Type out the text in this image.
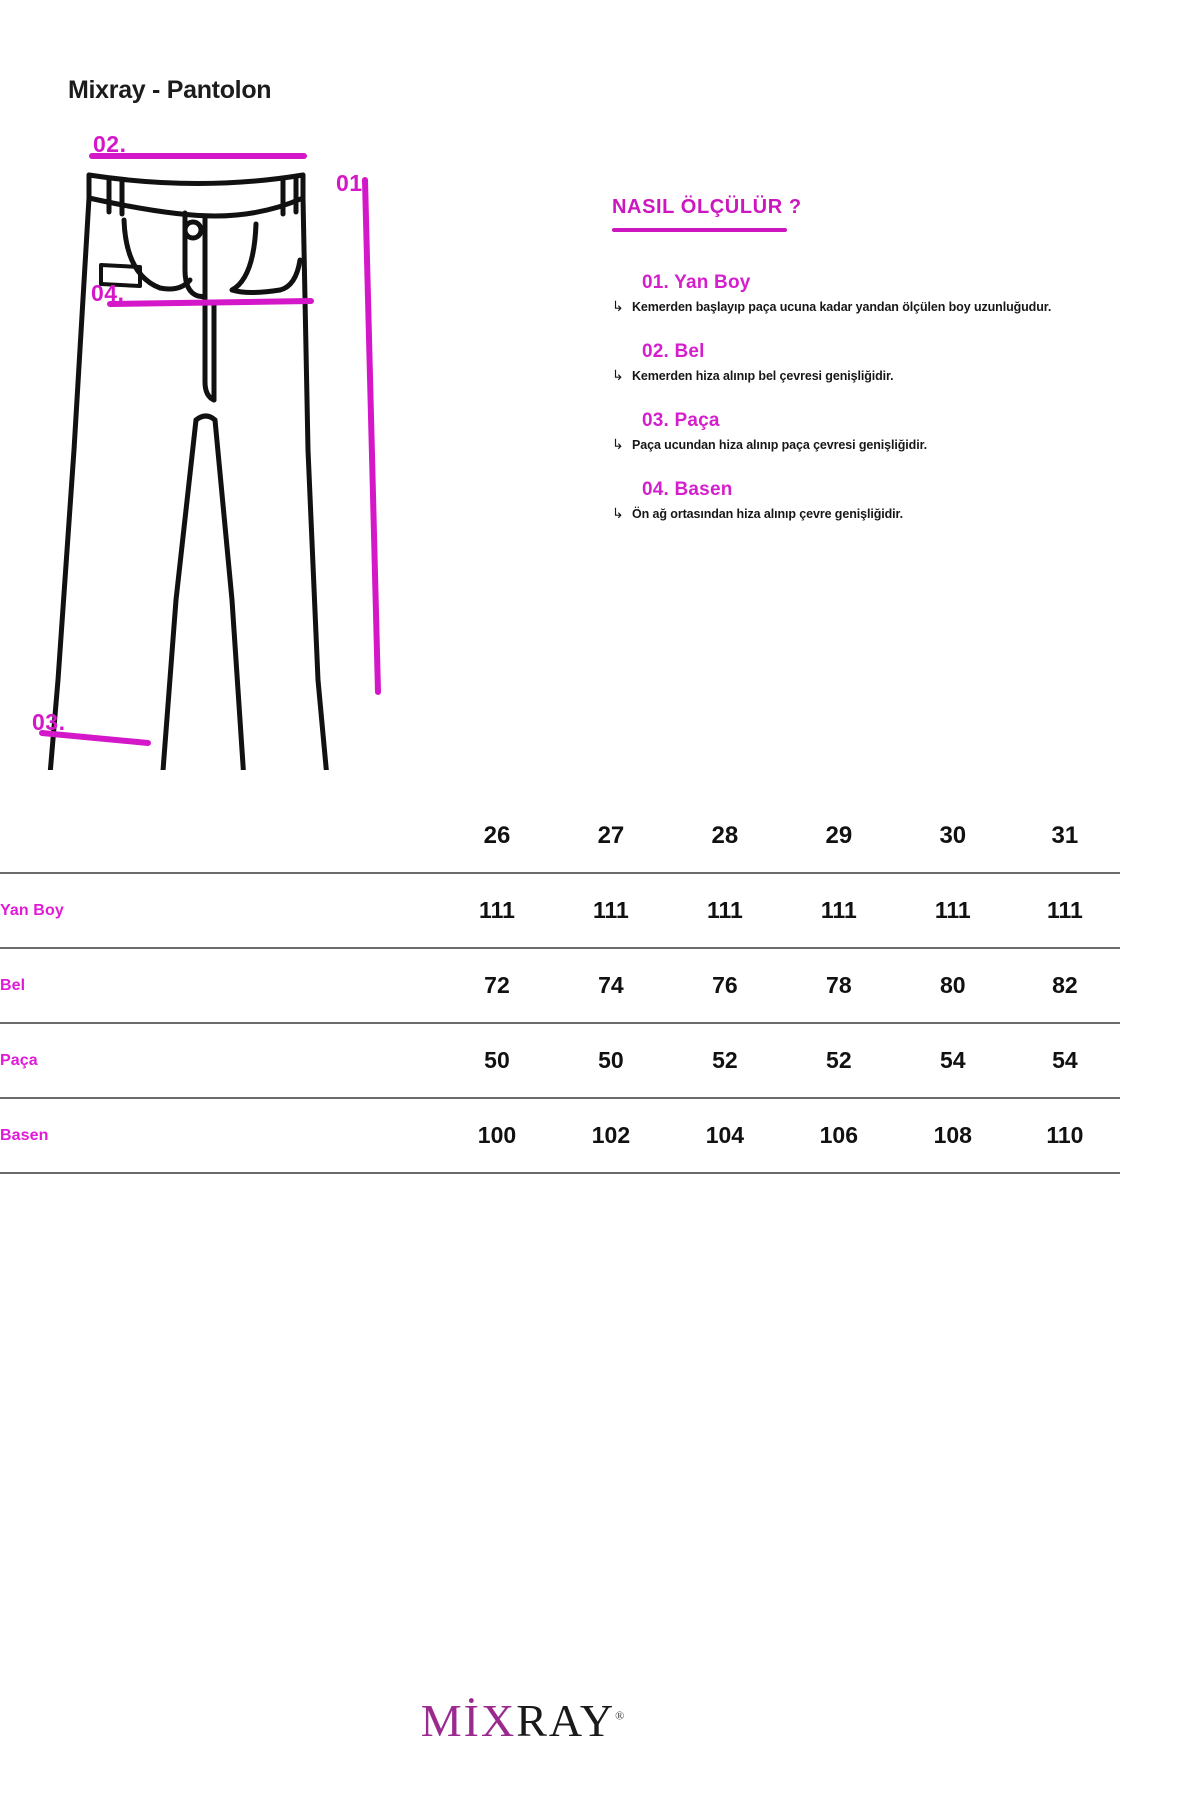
Mixray - Pantolon
02.
01.
04.
03.
NASIL ÖLÇÜLÜR ?
01. Yan Boy
↳ Kemerden başlayıp paça ucuna kadar yandan ölçülen boy uzunluğudur.
02. Bel
↳ Kemerden hiza alınıp bel çevresi genişliğidir.
03. Paça
↳ Paça ucundan hiza alınıp paça çevresi genişliğidir.
04. Basen
↳ Ön ağ ortasından hiza alınıp çevre genişliğidir.
	26	27	28	29	30	31
Yan Boy	111	111	111	111	111	111
Bel	72	74	76	78	80	82
Paça	50	50	52	52	54	54
Basen	100	102	104	106	108	110
MİXRAY®
